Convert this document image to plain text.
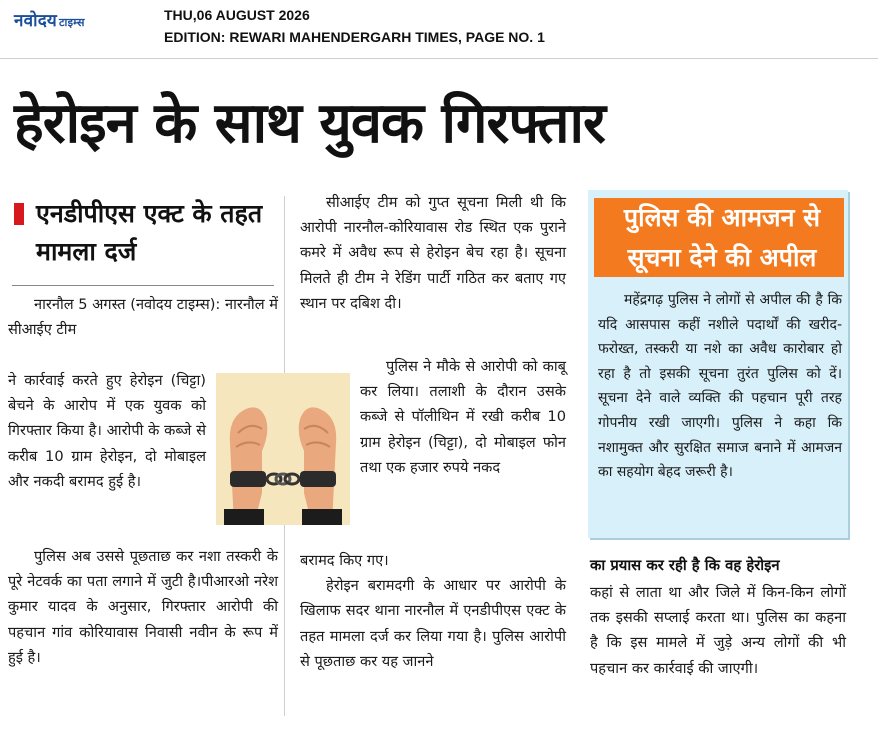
नवोदय टाइम्स	THU,06 AUGUST 2026
EDITION: REWARI MAHENDERGARH TIMES, PAGE NO. 1
हेरोइन के साथ युवक गिरफ्तार
एनडीपीएस एक्ट के तहत मामला दर्ज

नारनौल 5 अगस्त (नवोदय टाइम्स): नारनौल में सीआईए टीम

ने कार्रवाई करते हुए हेरोइन (चिट्टा) बेचने के आरोप में एक युवक को गिरफ्तार किया है। आरोपी के कब्जे से करीब 10 ग्राम हेरोइन, दो मोबाइल और नकदी बरामद हुई है।

पुलिस अब उससे पूछताछ कर नशा तस्करी के पूरे नेटवर्क का पता लगाने में जुटी है।पीआरओ नरेश कुमार यादव के अनुसार, गिरफ्तार आरोपी की पहचान गांव कोरियावास निवासी नवीन के रूप में हुई है।

सीआईए टीम को गुप्त सूचना मिली थी कि आरोपी नारनौल-कोरियावास रोड स्थित एक पुराने कमरे में अवैध रूप से हेरोइन बेच रहा है। सूचना मिलते ही टीम ने रेडिंग पार्टी गठित कर बताए गए स्थान पर दबिश दी।

पुलिस ने मौके से आरोपी को काबू कर लिया। तलाशी के दौरान उसके कब्जे से पॉलीथिन में रखी करीब 10 ग्राम हेरोइन (चिट्टा), दो मोबाइल फोन तथा एक हजार रुपये नकद

बरामद किए गए।

हेरोइन बरामदगी के आधार पर आरोपी के खिलाफ सदर थाना नारनौल में एनडीपीएस एक्ट के तहत मामला दर्ज कर लिया गया है। पुलिस आरोपी से पूछताछ कर यह जानने

पुलिस की आमजन से सूचना देने की अपील

महेंद्रगढ़ पुलिस ने लोगों से अपील की है कि यदि आसपास कहीं नशीले पदार्थों की खरीद-फरोख्त, तस्करी या नशे का अवैध कारोबार हो रहा है तो इसकी सूचना तुरंत पुलिस को दें। सूचना देने वाले व्यक्ति की पहचान पूरी तरह गोपनीय रखी जाएगी। पुलिस ने कहा कि नशामुक्त और सुरक्षित समाज बनाने में आमजन का सहयोग बेहद जरूरी है।

का प्रयास कर रही है कि वह हेरोइन

कहां से लाता था और जिले में किन-किन लोगों तक इसकी सप्लाई करता था। पुलिस का कहना है कि इस मामले में जुड़े अन्य लोगों की भी पहचान कर कार्रवाई की जाएगी।
